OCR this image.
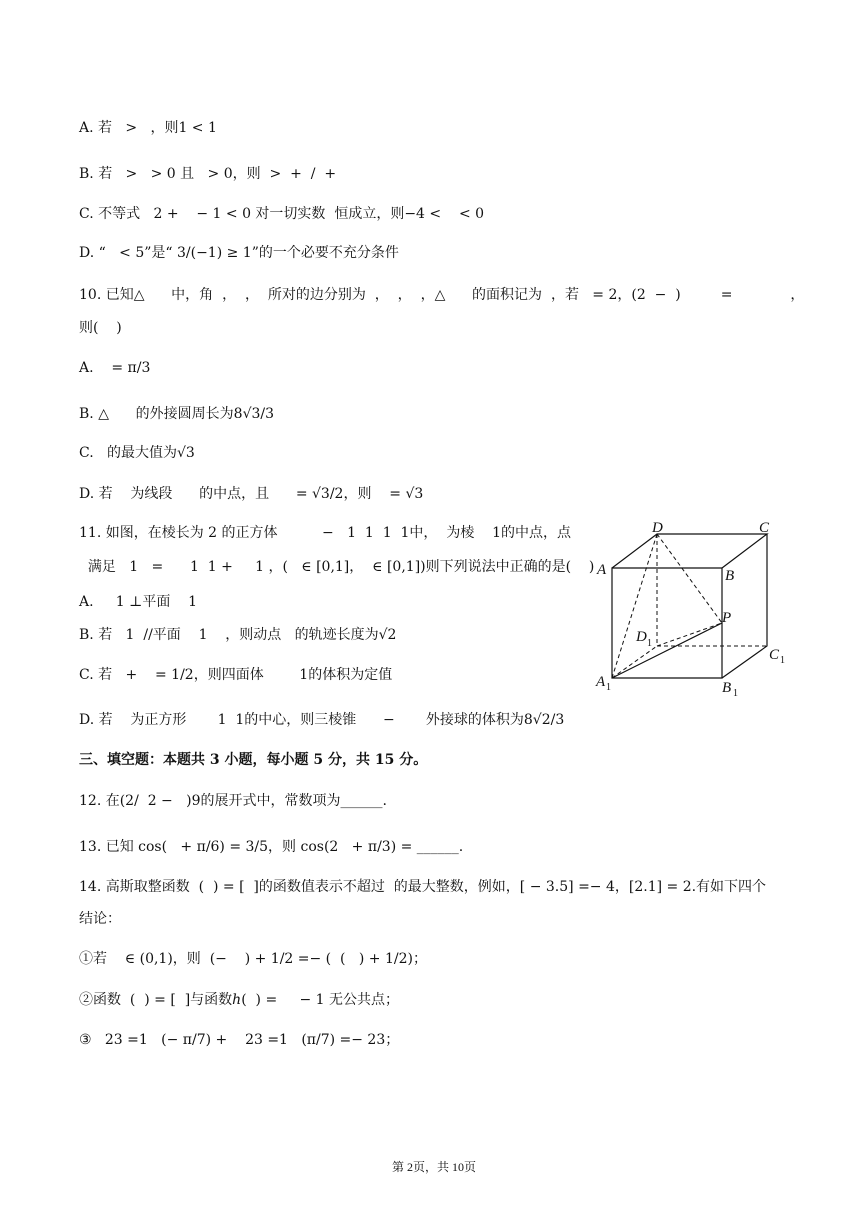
A. 若   >   ，则1 < 1
B. 若   >   > 0 且   > 0，则  >  +  /  +
C. 不等式   2 +    − 1 < 0 对一切实数  恒成立，则−4 <    < 0
D. “   < 5”是“ 3/(−1) ≥ 1”的一个必要不充分条件
10. 已知△      中，角  ，  ，  所对的边分别为  ，  ，  ，△      的面积记为  ，若   = 2，(2  −  )         =             ，
则(    )
A.    = π/3
B. △      的外接圆周长为8√3/3
C.   的最大值为√3
D. 若    为线段      的中点，且      = √3/2，则    = √3
11. 如图，在棱长为 2 的正方体          −   1  1  1  1中，  为棱    1的中点，点
满足   1   =      1  1 +     1 ，(   ∈ [0,1]，  ∈ [0,1])则下列说法中正确的是(    )
A.     1 ⊥平面    1
B. 若   1  //平面    1    ，则动点   的轨迹长度为√2
C. 若   +    = 1/2，则四面体        1的体积为定值
D. 若    为正方形       1  1的中心，则三棱锥      −       外接球的体积为8√2/3
三、填空题：本题共 3 小题，每小题 5 分，共 15 分。
12. 在(2/  2 −   )9的展开式中，常数项为______.
13. 已知 cos(   + π/6) = 3/5，则 cos(2   + π/3) = ______.
14. 高斯取整函数  (  ) = [  ]的函数值表示不超过  的最大整数，例如，[ − 3.5] =− 4，[2.1] = 2.有如下四个
结论：
①若    ∈ (0,1)，则  (−    ) + 1/2 =− (  (   ) + 1/2)；
②函数  (  ) = [  ]与函数ℎ(  ) =     − 1 无公共点；
③   23 =1   (− π/7) +    23 =1   (π/7) =− 23；
D	C
A	B
P
D 1
C 1
A 1	B 1
第 2页，共 10页
